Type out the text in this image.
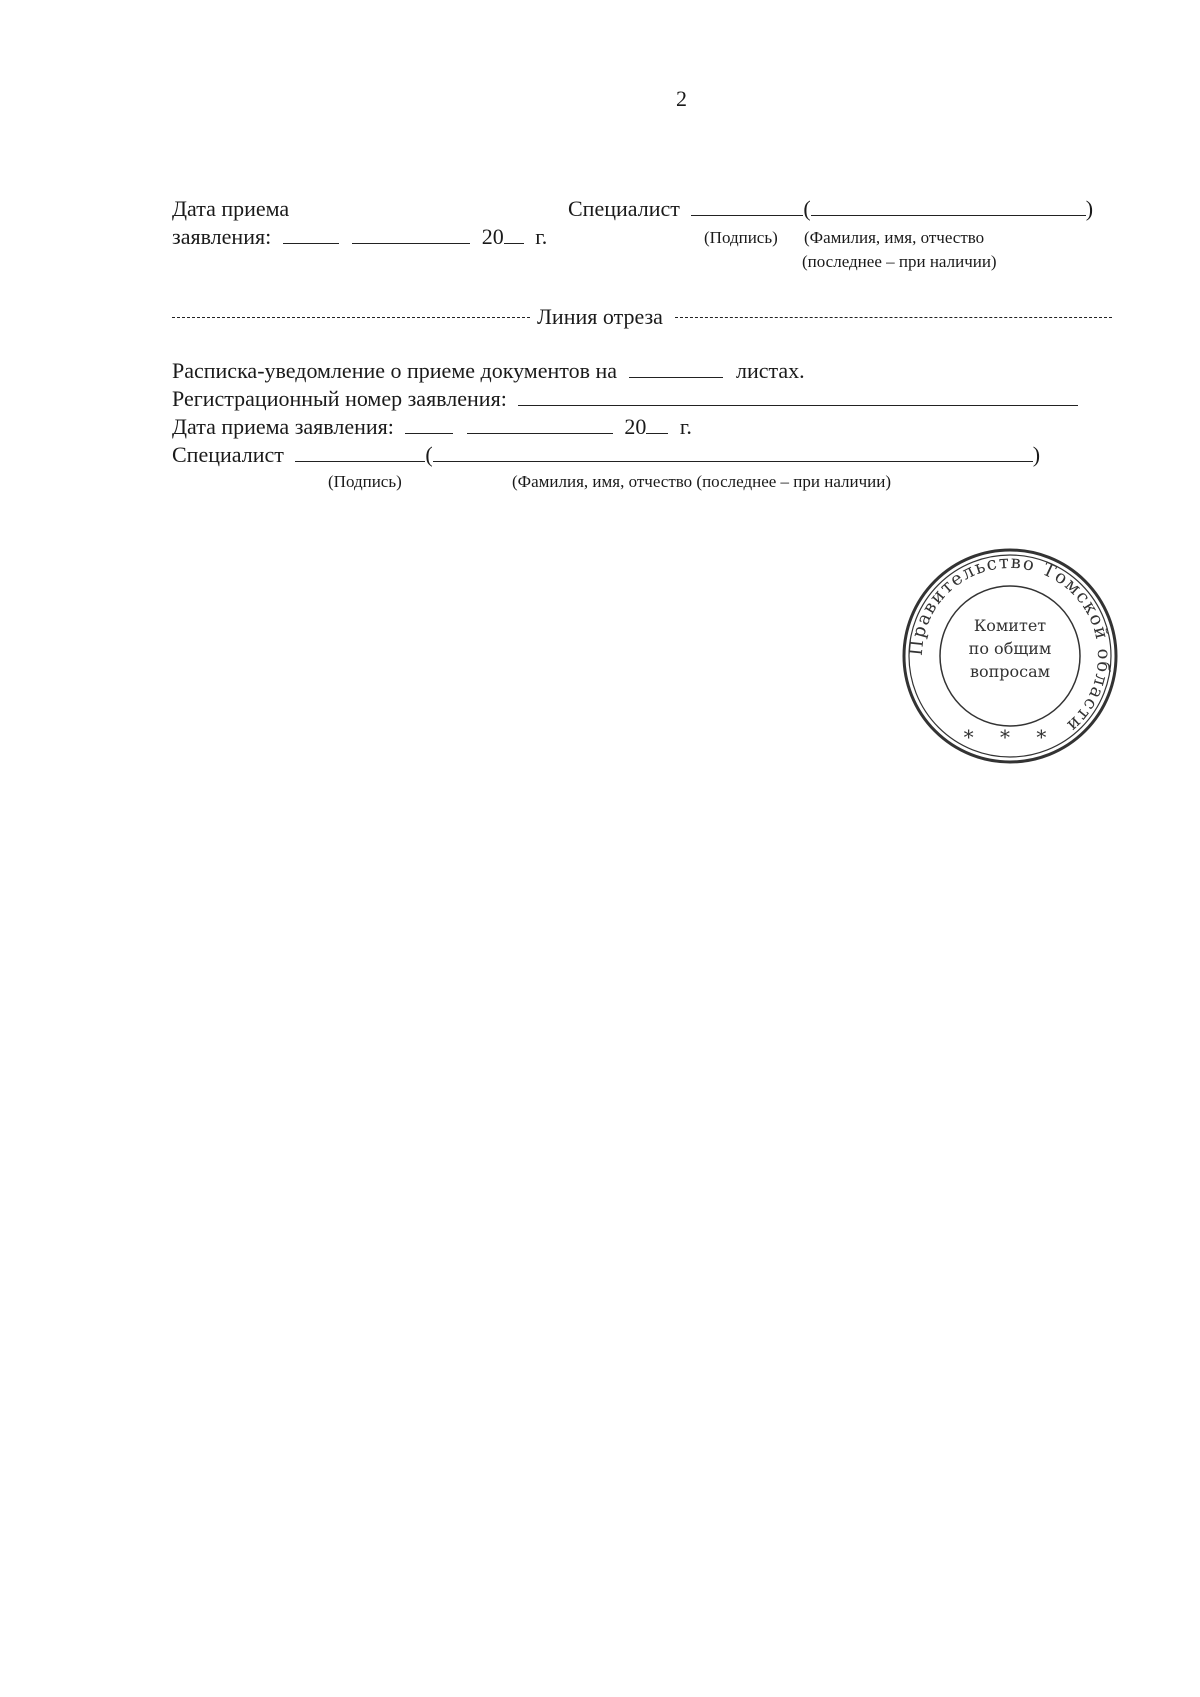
2
Дата приема
заявления:	20 г.
Специалист	(	)
(Подпись) (Фамилия, имя, отчество
(последнее – при наличии)
Линия отреза
Расписка-уведомление о приеме документов на	листах.
Регистрационный номер заявления:
Дата приема заявления:	20 г.
Специалист	(	)
(Подпись)	(Фамилия, имя, отчество (последнее – при наличии)
Правительство Томской области
Комитет
по общим
вопросам
* * *
